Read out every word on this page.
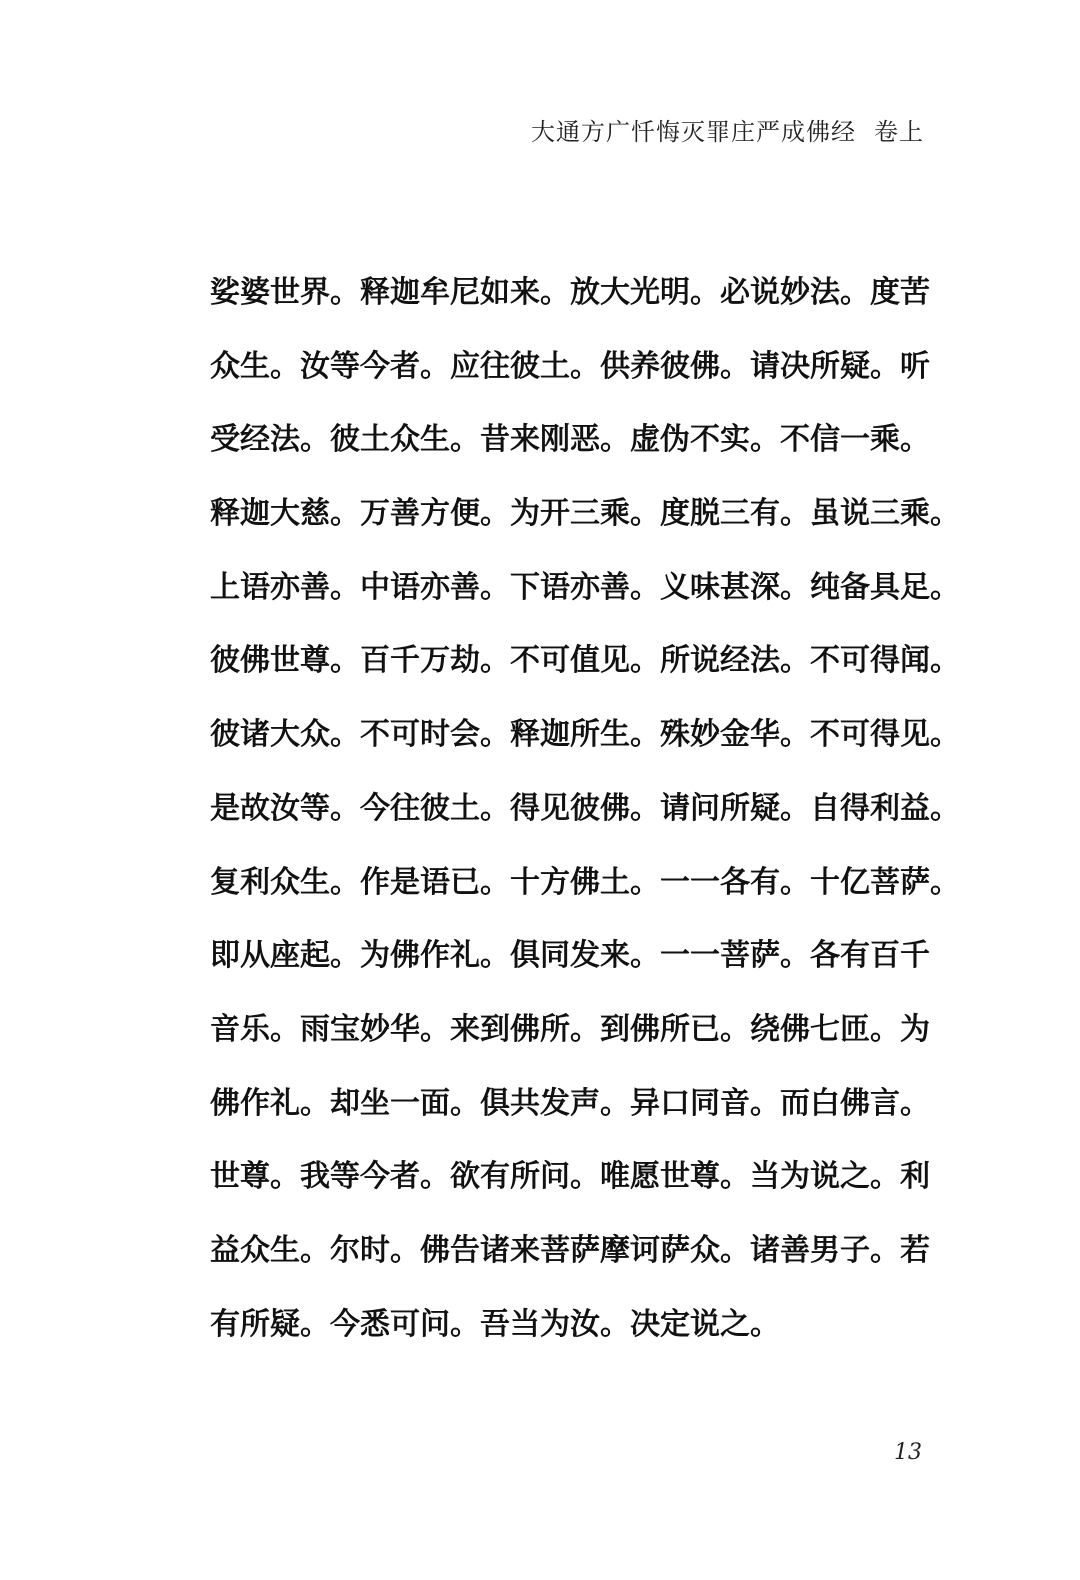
大通方广忏悔灭罪庄严成佛经 卷上
娑婆世界。释迦牟尼如来。放大光明。必说妙法。度苦
众生。汝等今者。应往彼土。供养彼佛。请决所疑。听
受经法。彼土众生。昔来刚恶。虚伪不实。不信一乘。
释迦大慈。万善方便。为开三乘。度脱三有。虽说三乘。
上语亦善。中语亦善。下语亦善。义味甚深。纯备具足。
彼佛世尊。百千万劫。不可值见。所说经法。不可得闻。
彼诸大众。不可时会。释迦所生。殊妙金华。不可得见。
是故汝等。今往彼土。得见彼佛。请问所疑。自得利益。
复利众生。作是语已。十方佛土。一一各有。十亿菩萨。
即从座起。为佛作礼。俱同发来。一一菩萨。各有百千
音乐。雨宝妙华。来到佛所。到佛所已。绕佛七匝。为
佛作礼。却坐一面。俱共发声。异口同音。而白佛言。
世尊。我等今者。欲有所问。唯愿世尊。当为说之。利
益众生。尔时。佛告诸来菩萨摩诃萨众。诸善男子。若
有所疑。今悉可问。吾当为汝。决定说之。
13
